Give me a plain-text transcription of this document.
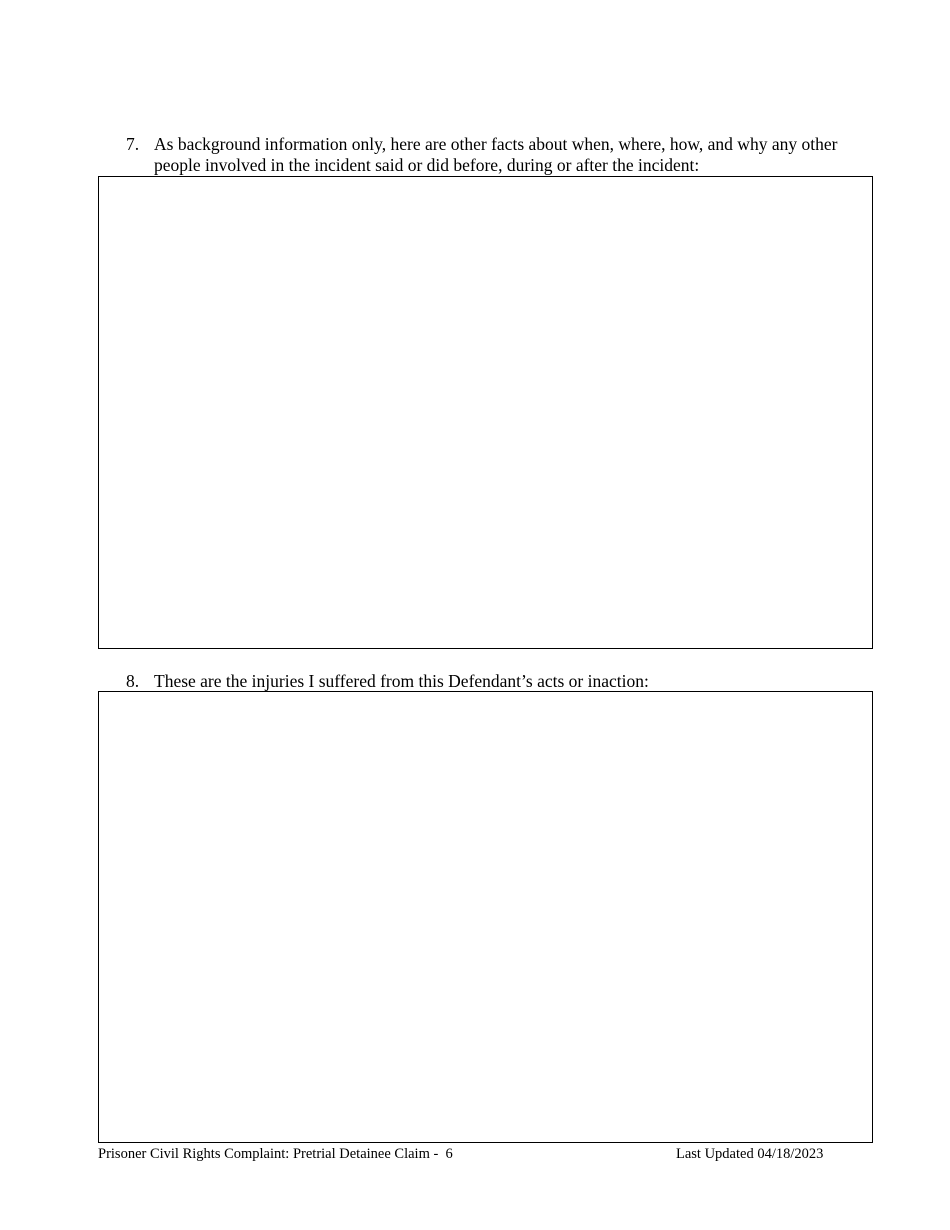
7. As background information only, here are other facts about when, where, how, and why any other people involved in the incident said or did before, during or after the incident:
8. These are the injuries I suffered from this Defendant’s acts or inaction:
Prisoner Civil Rights Complaint: Pretrial Detainee Claim -  6	Last Updated 04/18/2023
